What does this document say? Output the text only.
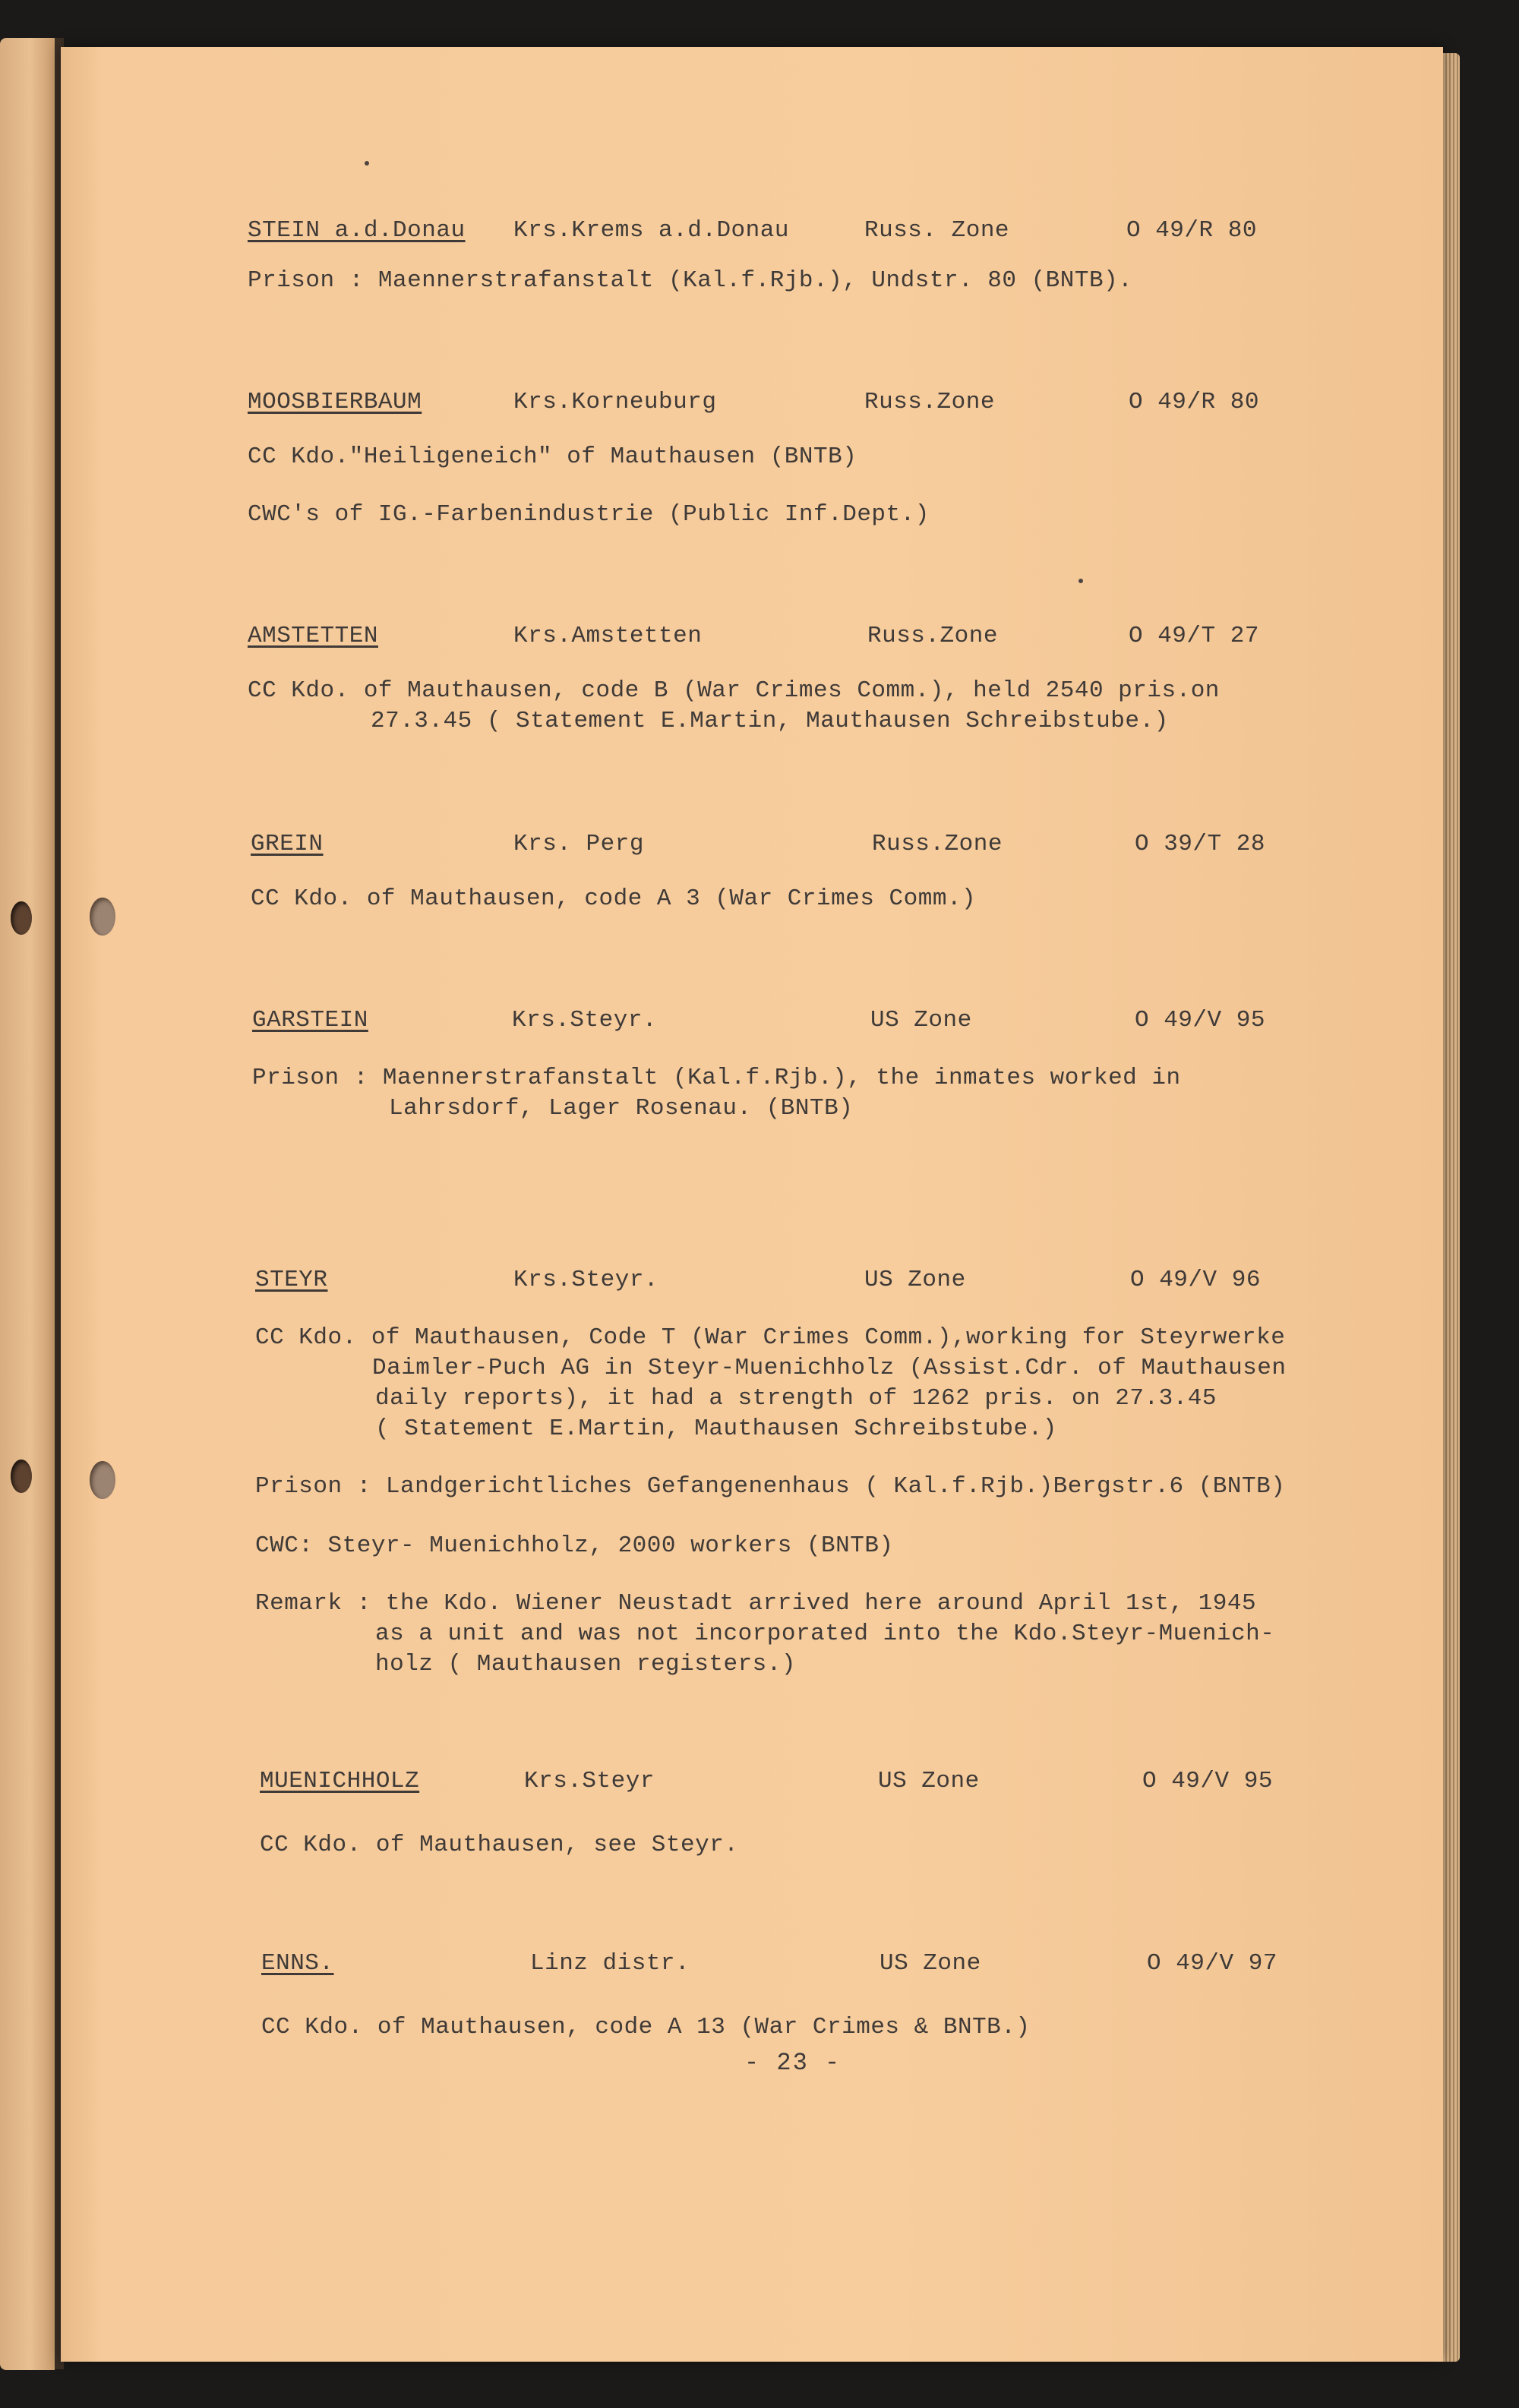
STEIN a.d.Donau Krs.Krems a.d.Donau	Russ. Zone	O 49/R 80
Prison : Maennerstrafanstalt (Kal.f.Rjb.), Undstr. 80 (BNTB).
MOOSBIERBAUM	Krs.Korneuburg	Russ.Zone	O 49/R 80
CC Kdo."Heiligeneich" of Mauthausen (BNTB)
CWC's of IG.-Farbenindustrie (Public Inf.Dept.)
AMSTETTEN	Krs.Amstetten	Russ.Zone	O 49/T 27
CC Kdo. of Mauthausen, code B (War Crimes Comm.), held 2540 pris.on
27.3.45 ( Statement E.Martin, Mauthausen Schreibstube.)
GREIN	Krs. Perg	Russ.Zone	O 39/T 28
CC Kdo. of Mauthausen, code A 3 (War Crimes Comm.)
GARSTEIN	Krs.Steyr.	US Zone	O 49/V 95
Prison : Maennerstrafanstalt (Kal.f.Rjb.), the inmates worked in
Lahrsdorf, Lager Rosenau. (BNTB)
STEYR	Krs.Steyr.	US Zone	O 49/V 96
CC Kdo. of Mauthausen, Code T (War Crimes Comm.),working for Steyrwerke
Daimler-Puch AG in Steyr-Muenichholz (Assist.Cdr. of Mauthausen
daily reports), it had a strength of 1262 pris. on 27.3.45
( Statement E.Martin, Mauthausen Schreibstube.)
Prison : Landgerichtliches Gefangenenhaus ( Kal.f.Rjb.)Bergstr.6 (BNTB)
CWC: Steyr- Muenichholz, 2000 workers (BNTB)
Remark : the Kdo. Wiener Neustadt arrived here around April 1st, 1945
as a unit and was not incorporated into the Kdo.Steyr-Muenich-
holz ( Mauthausen registers.)
MUENICHHOLZ	Krs.Steyr	US Zone	O 49/V 95
CC Kdo. of Mauthausen, see Steyr.
ENNS.	Linz distr.	US Zone	O 49/V 97
CC Kdo. of Mauthausen, code A 13 (War Crimes & BNTB.)
- 23 -
